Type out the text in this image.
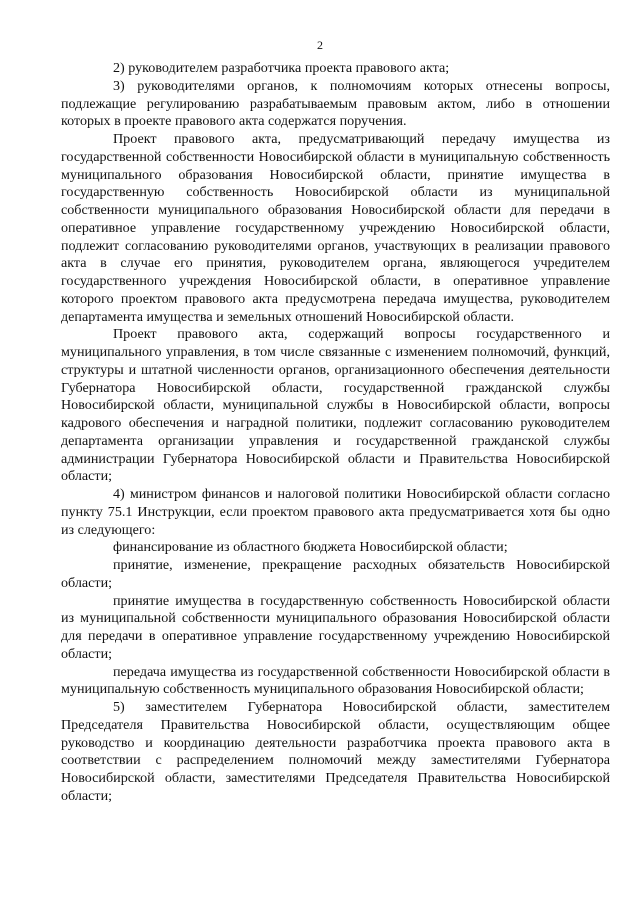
2

2) руководителем разработчика проекта правового акта;

3) руководителями органов, к полномочиям которых отнесены вопросы, подлежащие регулированию разрабатываемым правовым актом, либо в отношении которых в проекте правового акта содержатся поручения.

Проект правового акта, предусматривающий передачу имущества из государственной собственности Новосибирской области в муниципальную собственность муниципального образования Новосибирской области, принятие имущества в государственную собственность Новосибирской области из муниципальной собственности муниципального образования Новосибирской области для передачи в оперативное управление государственному учреждению Новосибирской области, подлежит согласованию руководителями органов, участвующих в реализации правового акта в случае его принятия, руководителем органа, являющегося учредителем государственного учреждения Новосибирской области, в оперативное управление которого проектом правового акта предусмотрена передача имущества, руководителем департамента имущества и земельных отношений Новосибирской области.

Проект правового акта, содержащий вопросы государственного и муниципального управления, в том числе связанные с изменением полномочий, функций, структуры и штатной численности органов, организационного обеспечения деятельности Губернатора Новосибирской области, государственной гражданской службы Новосибирской области, муниципальной службы в Новосибирской области, вопросы кадрового обеспечения и наградной политики, подлежит согласованию руководителем департамента организации управления и государственной гражданской службы администрации Губернатора Новосибирской области и Правительства Новосибирской области;

4) министром финансов и налоговой политики Новосибирской области согласно пункту 75.1 Инструкции, если проектом правового акта предусматривается хотя бы одно из следующего:

финансирование из областного бюджета Новосибирской области;

принятие, изменение, прекращение расходных обязательств Новосибирской области;

принятие имущества в государственную собственность Новосибирской области из муниципальной собственности муниципального образования Новосибирской области для передачи в оперативное управление государственному учреждению Новосибирской области;

передача имущества из государственной собственности Новосибирской области в муниципальную собственность муниципального образования Новосибирской области;

5) заместителем Губернатора Новосибирской области, заместителем Председателя Правительства Новосибирской области, осуществляющим общее руководство и координацию деятельности разработчика проекта правового акта в соответствии с распределением полномочий между заместителями Губернатора Новосибирской области, заместителями Председателя Правительства Новосибирской области;
